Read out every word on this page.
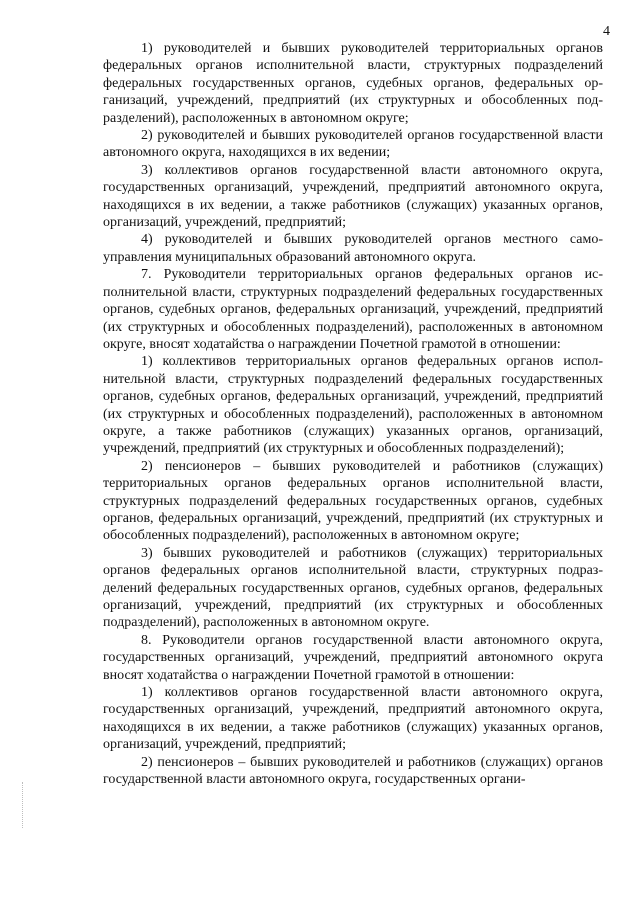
4

1) руководителей и бывших руководителей территориальных органов федеральных органов исполнительной власти, структурных подразделений федеральных государственных органов, судебных органов, федеральных организаций, учреждений, предприятий (их структурных и обособленных подразделений), расположенных в автономном округе;

2) руководителей и бывших руководителей органов государственной власти автономного округа, находящихся в их ведении;

3) коллективов органов государственной власти автономного округа, государственных организаций, учреждений, предприятий автономного округа, находящихся в их ведении, а также работников (служащих) указанных органов, организаций, учреждений, предприятий;

4) руководителей и бывших руководителей органов местного самоуправления муниципальных образований автономного округа.

7. Руководители территориальных органов федеральных органов исполнительной власти, структурных подразделений федеральных государственных органов, судебных органов, федеральных организаций, учреждений, предприятий (их структурных и обособленных подразделений), расположенных в автономном округе, вносят ходатайства о награждении Почетной грамотой в отношении:

1) коллективов территориальных органов федеральных органов исполнительной власти, структурных подразделений федеральных государственных органов, судебных органов, федеральных организаций, учреждений, предприятий (их структурных и обособленных подразделений), расположенных в автономном округе, а также работников (служащих) указанных органов, организаций, учреждений, предприятий (их структурных и обособленных подразделений);

2) пенсионеров – бывших руководителей и работников (служащих) территориальных органов федеральных органов исполнительной власти, структурных подразделений федеральных государственных органов, судебных органов, федеральных организаций, учреждений, предприятий (их структурных и обособленных подразделений), расположенных в автономном округе;

3) бывших руководителей и работников (служащих) территориальных органов федеральных органов исполнительной власти, структурных подразделений федеральных государственных органов, судебных органов, федеральных организаций, учреждений, предприятий (их структурных и обособленных подразделений), расположенных в автономном округе.

8. Руководители органов государственной власти автономного округа, государственных организаций, учреждений, предприятий автономного округа вносят ходатайства о награждении Почетной грамотой в отношении:

1) коллективов органов государственной власти автономного округа, государственных организаций, учреждений, предприятий автономного округа, находящихся в их ведении, а также работников (служащих) указанных органов, организаций, учреждений, предприятий;

2) пенсионеров – бывших руководителей и работников (служащих) органов государственной власти автономного округа, государственных органи-
